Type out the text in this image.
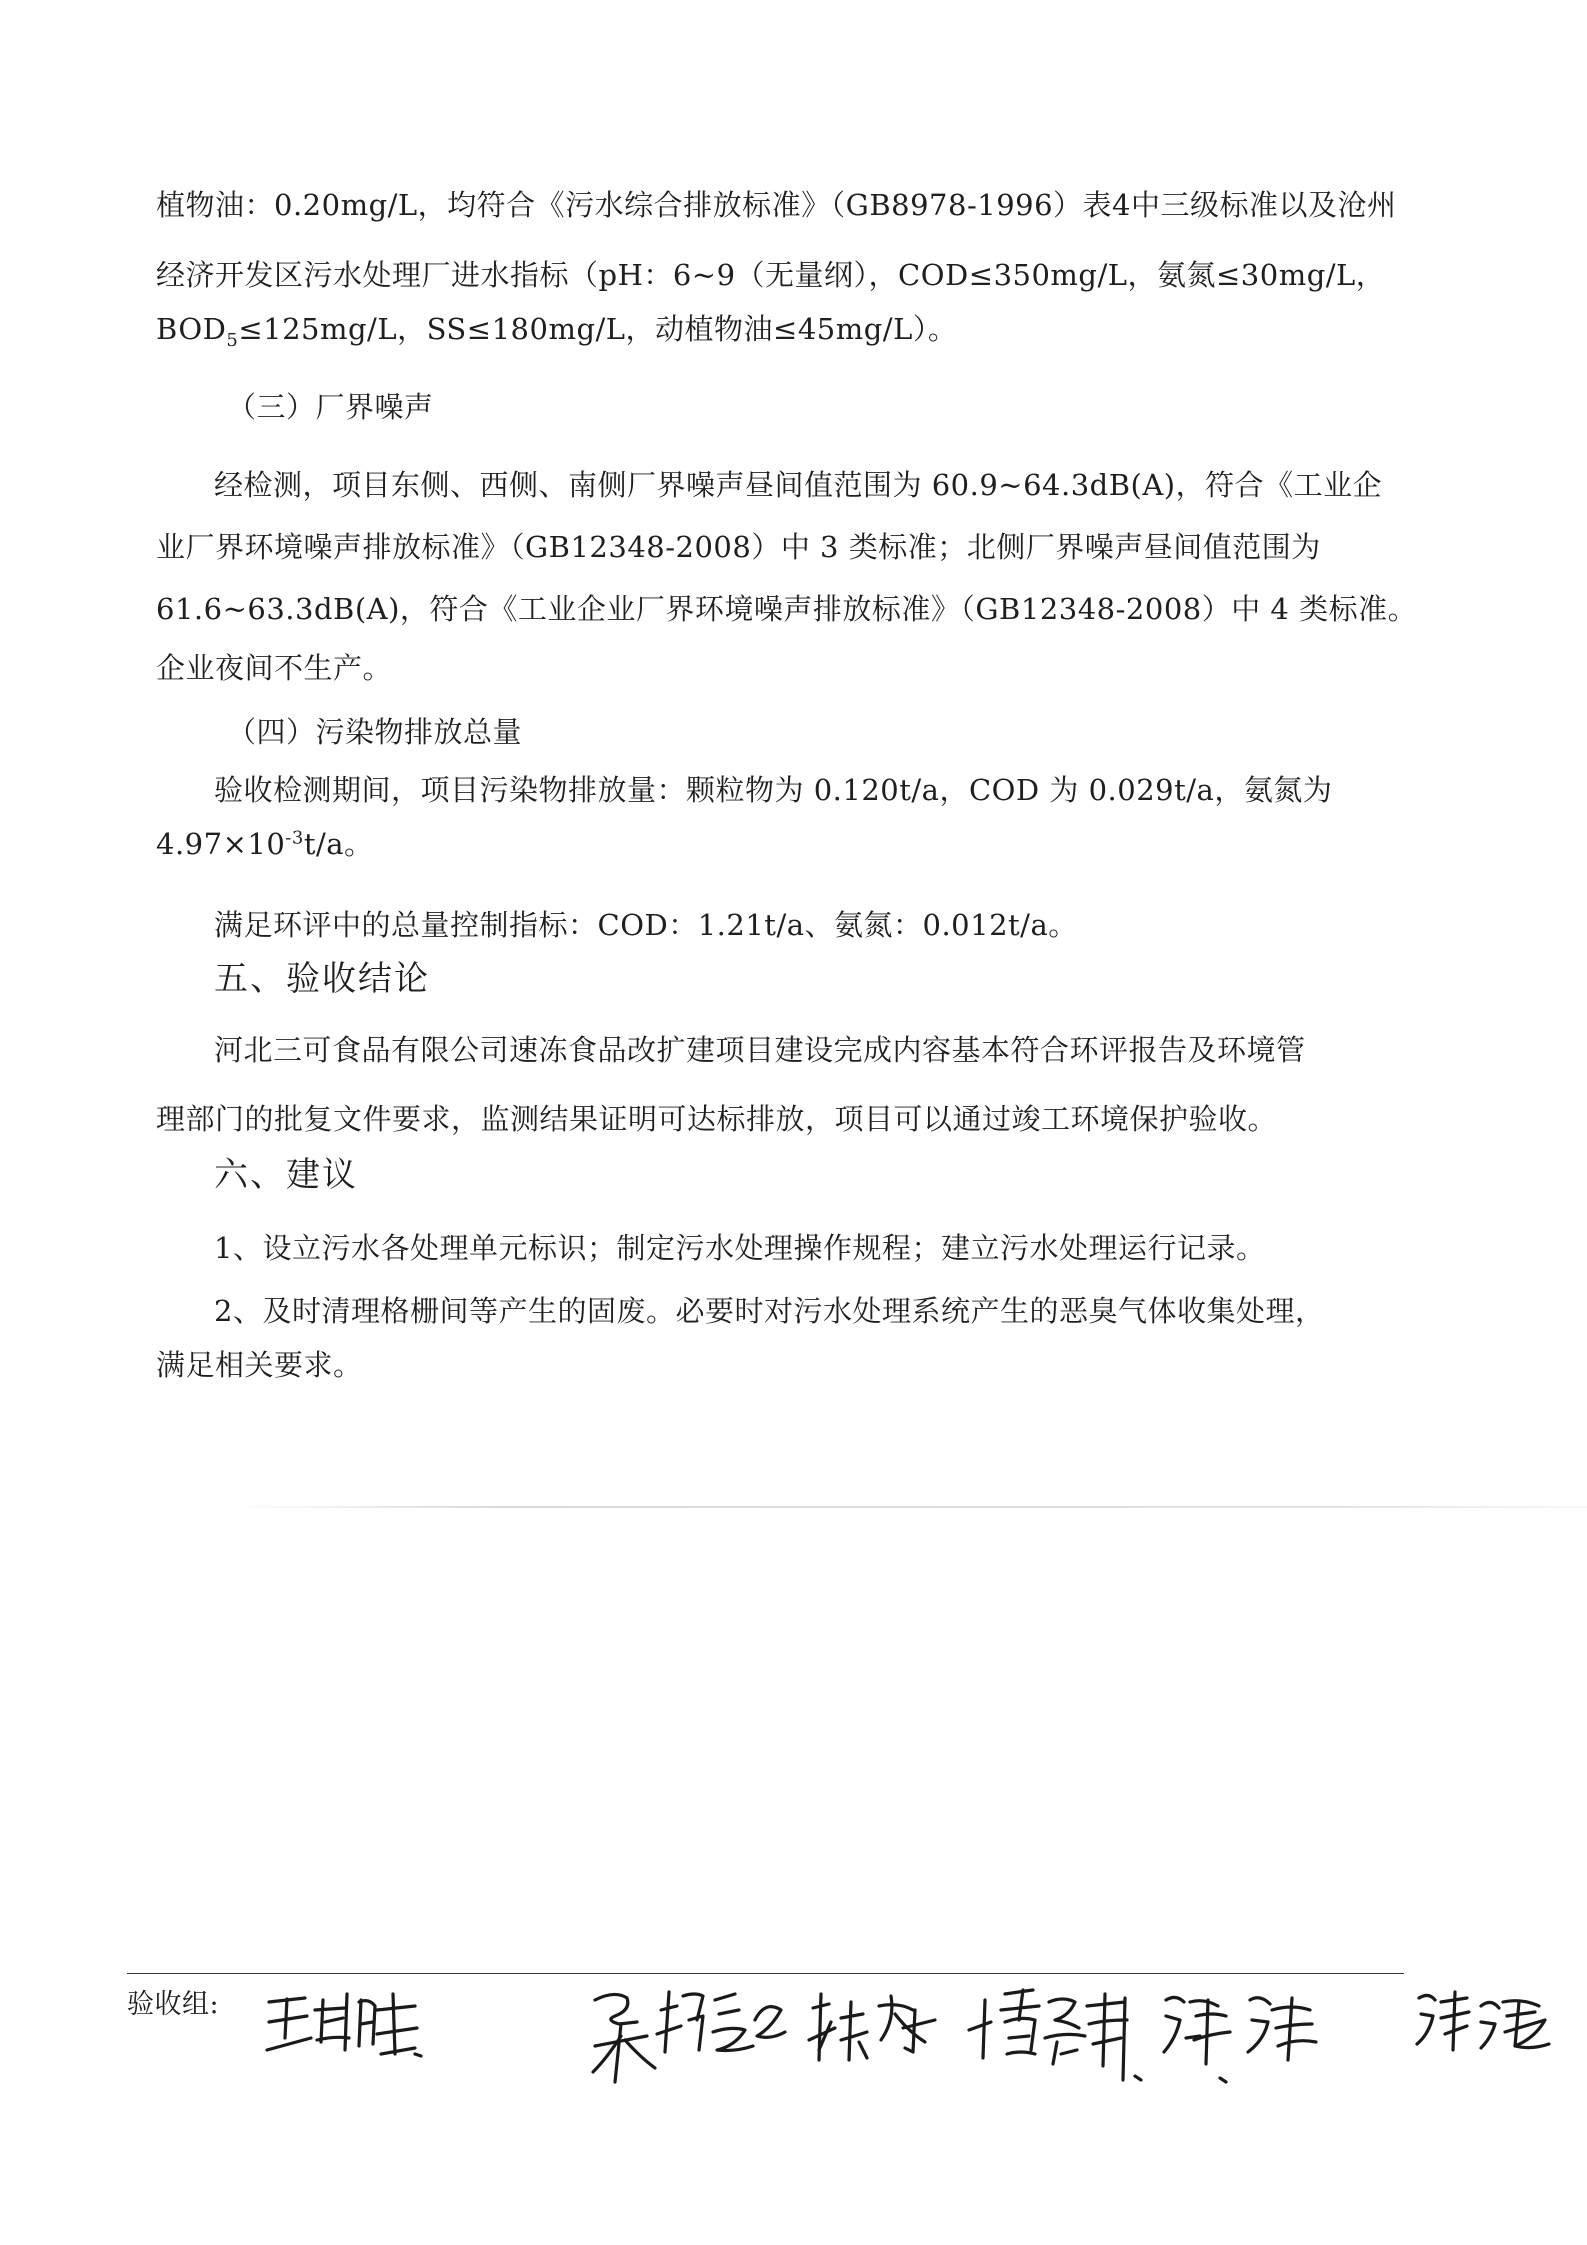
植物油：0.20mg/L，均符合《污水综合排放标准》（GB8978-1996）表4中三级标准以及沧州
经济开发区污水处理厂进水指标（pH：6~9（无量纲），COD≤350mg/L，氨氮≤30mg/L，
$BOD_5\le 125mg/L$，SS≤180mg/L，动植物油≤45mg/L）。
（三）厂界噪声
经检测，项目东侧、西侧、南侧厂界噪声昼间值范围为 60.9~64.3dB(A)，符合《工业企
业厂界环境噪声排放标准》（GB12348-2008）中 3 类标准；北侧厂界噪声昼间值范围为
61.6~63.3dB(A)，符合《工业企业厂界环境噪声排放标准》（GB12348-2008）中 4 类标准。
企业夜间不生产。
（四）污染物排放总量
验收检测期间，项目污染物排放量：颗粒物为 0.120t/a，COD 为 0.029t/a，氨氮为
$4.97\times 10^{-3}t/a$。
满足环评中的总量控制指标：COD：1.21t/a、氨氮：0.012t/a。
五、验收结论
河北三可食品有限公司速冻食品改扩建项目建设完成内容基本符合环评报告及环境管
理部门的批复文件要求，监测结果证明可达标排放，项目可以通过竣工环境保护验收。
六、建议
1、设立污水各处理单元标识；制定污水处理操作规程；建立污水处理运行记录。
2、及时清理格栅间等产生的固废。必要时对污水处理系统产生的恶臭气体收集处理，
满足相关要求。
验收组:
